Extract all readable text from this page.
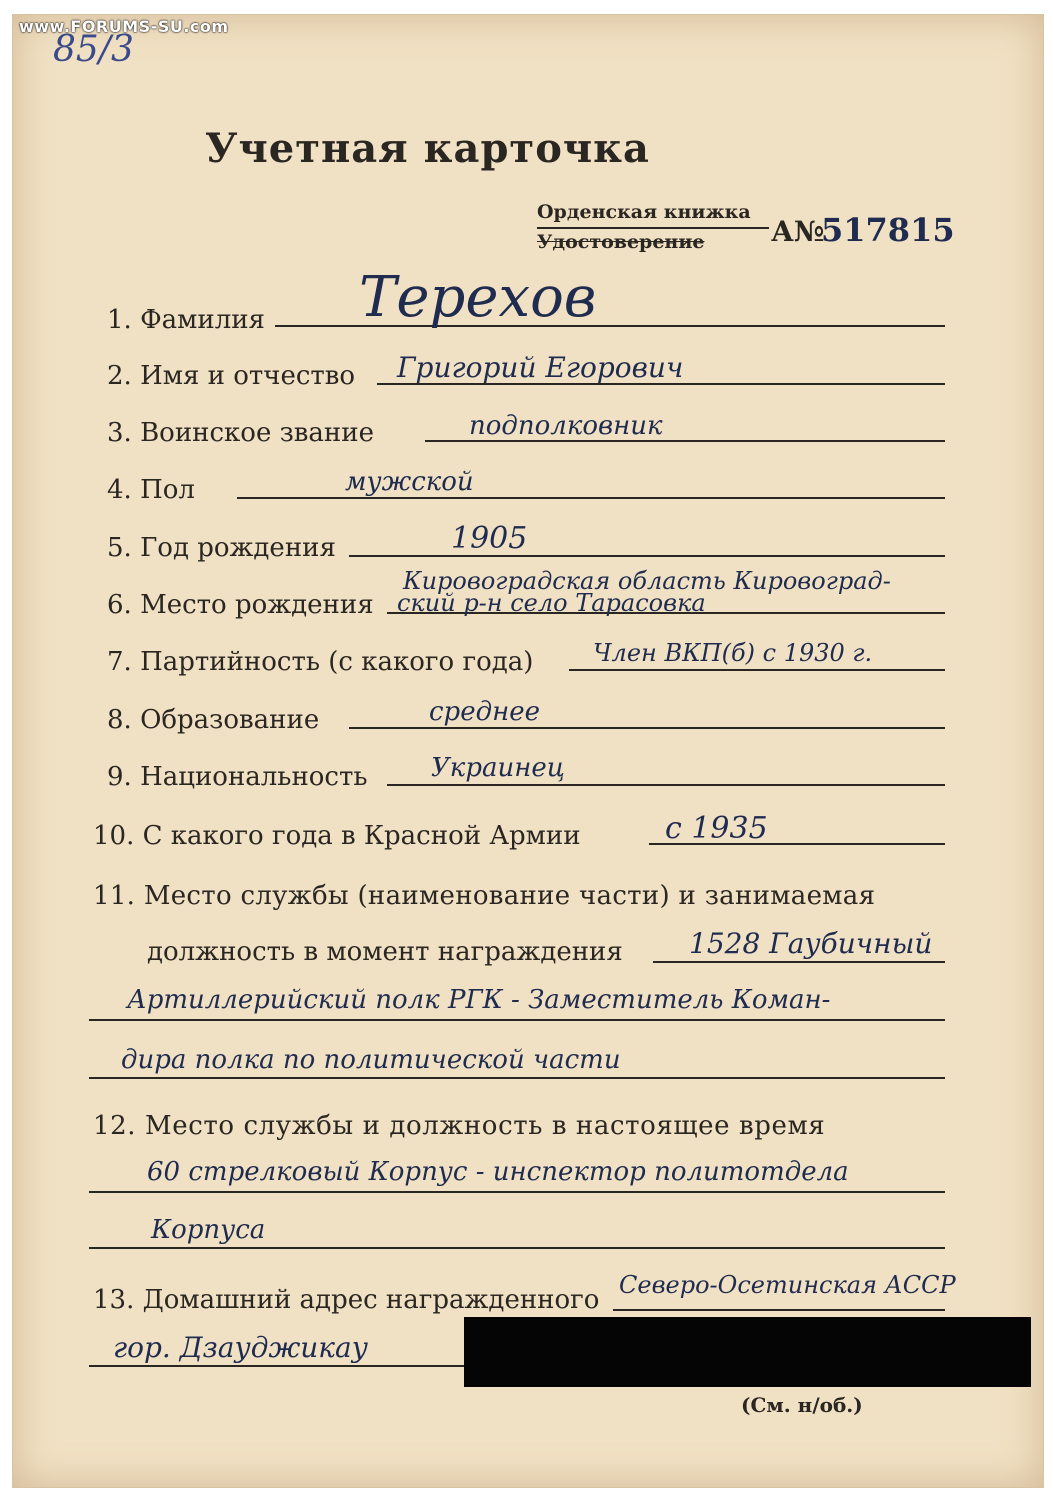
www.FORUMS-SU.com
85/3
Учетная карточка
Орденская книжка
Удостоверение А№
517815
1. Фамилия Терехов
2. Имя и отчество Григорий Егорович
3. Воинское звание	подполковник
4. Пол	мужской
5. Год рождения	1905
Кировоградская область Кировоград-
6. Место рождения ский р-н село Тарасовка
7. Партийность (с какого года) Член ВКП(б) с 1930 г.
8. Образование	среднее
9. Национальность Украинец
10. С какого года в Красной Армии	с 1935
11. Место службы (наименование части) и занимаемая
должность в момент награждения 1528 Гаубичный
Артиллерийский полк РГК - Заместитель Коман-
дира полка по политической части
12. Место службы и должность в настоящее время
60 стрелковый Корпус - инспектор политотдела
Корпуса
13. Домашний адрес награжденного Северо-Осетинская АССР
гор. Дзауджикау
(См. н/об.)
